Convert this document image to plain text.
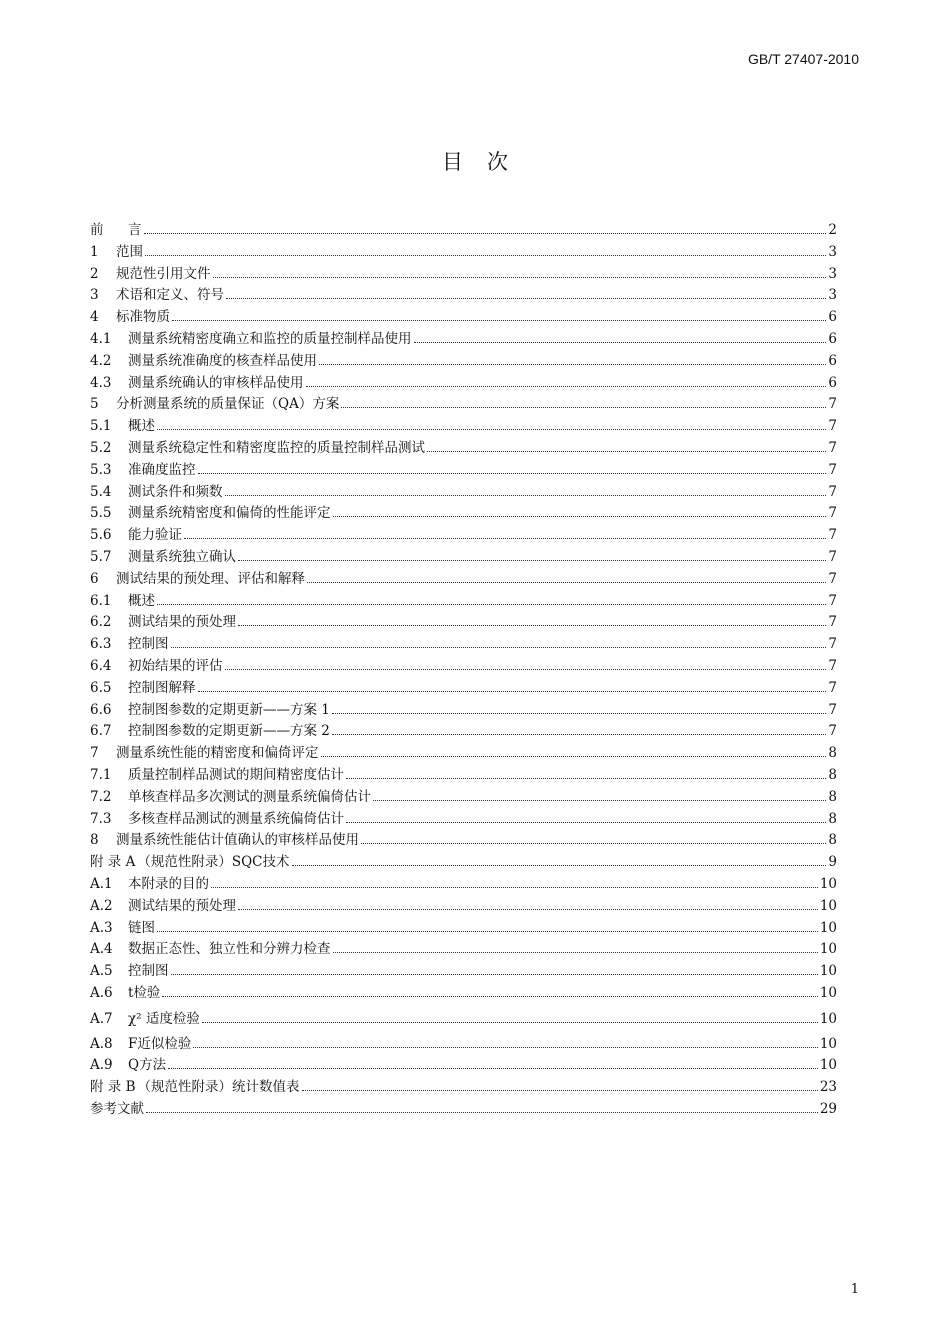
GB/T 27407-2010
目次
前	言	2
1	范围	3
2	规范性引用文件	3
3	术语和定义、符号	3
4	标准物质	6
4.1	测量系统精密度确立和监控的质量控制样品使用	6
4.2	测量系统准确度的核查样品使用	6
4.3	测量系统确认的审核样品使用	6
5	分析测量系统的质量保证（QA）方案	7
5.1	概述	7
5.2	测量系统稳定性和精密度监控的质量控制样品测试	7
5.3	准确度监控	7
5.4	测试条件和频数	7
5.5	测量系统精密度和偏倚的性能评定	7
5.6	能力验证	7
5.7	测量系统独立确认	7
6	测试结果的预处理、评估和解释	7
6.1	概述	7
6.2	测试结果的预处理	7
6.3	控制图	7
6.4	初始结果的评估	7
6.5	控制图解释	7
6.6	控制图参数的定期更新——方案 1	7
6.7	控制图参数的定期更新——方案 2	7
7	测量系统性能的精密度和偏倚评定	8
7.1	质量控制样品测试的期间精密度估计	8
7.2	单核查样品多次测试的测量系统偏倚估计	8
7.3	多核查样品测试的测量系统偏倚估计	8
8	测量系统性能估计值确认的审核样品使用	8
附 录 A （规范性附录）SQC技术	9
A.1	本附录的目的	10
A.2	测试结果的预处理	10
A.3	链图	10
A.4	数据正态性、独立性和分辨力检查	10
A.5	控制图	10
A.6	t检验	10
A.7	χ² 适度检验	10
A.8	F近似检验	10
A.9	Q方法	10
附 录 B （规范性附录）统计数值表	23
参考文献	29
1
